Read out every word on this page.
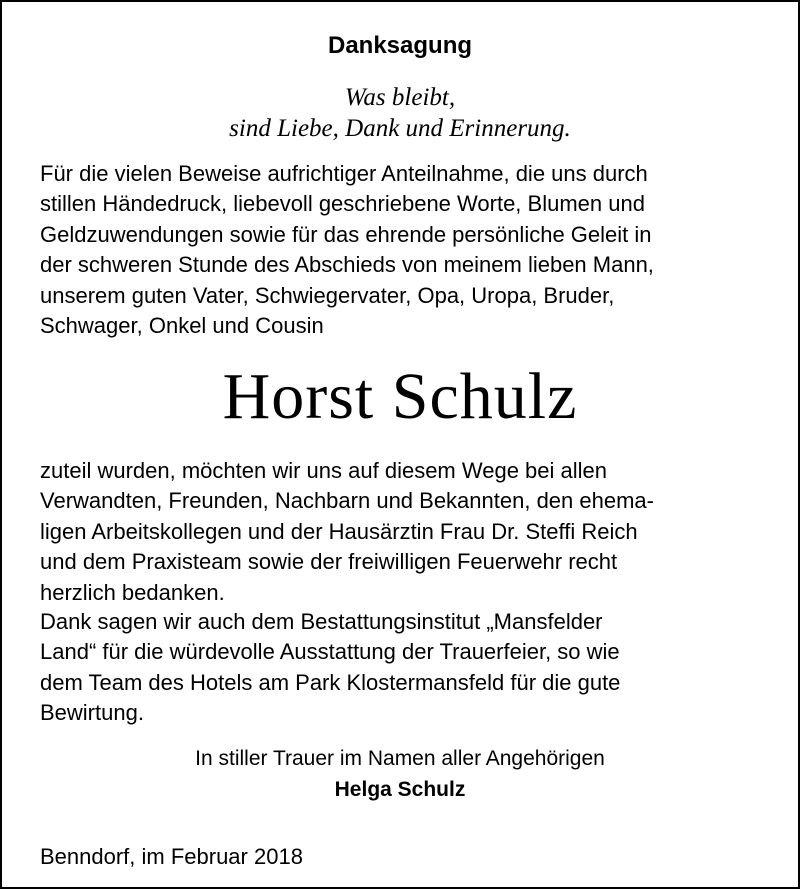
Danksagung
Was bleibt,
sind Liebe, Dank und Erinnerung.
Für die vielen Beweise aufrichtiger Anteilnahme, die uns durch
stillen Händedruck, liebevoll geschriebene Worte, Blumen und
Geldzuwendungen sowie für das ehrende persönliche Geleit in
der schweren Stunde des Abschieds von meinem lieben Mann,
unserem guten Vater, Schwiegervater, Opa, Uropa, Bruder,
Schwager, Onkel und Cousin
Horst Schulz
zuteil wurden, möchten wir uns auf diesem Wege bei allen
Verwandten, Freunden, Nachbarn und Bekannten, den ehema-
ligen Arbeitskollegen und der Hausärztin Frau Dr. Steffi Reich
und dem Praxisteam sowie der freiwilligen Feuerwehr recht
herzlich bedanken.
Dank sagen wir auch dem Bestattungsinstitut „Mansfelder
Land“ für die würdevolle Ausstattung der Trauerfeier, so wie
dem Team des Hotels am Park Klostermansfeld für die gute
Bewirtung.
In stiller Trauer im Namen aller Angehörigen
Helga Schulz
Benndorf, im Februar 2018
